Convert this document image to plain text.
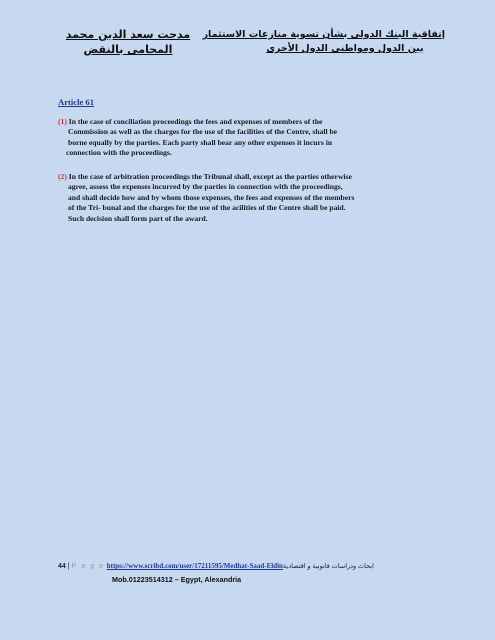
إتفاقية البنك الدولى بشأن تسوية منازعات الاستثمار
بين الدول ومواطنى الدول الأخرى
مدحت سعد الدين محمد
المحامى بالنقض
Article 61
(1) In the case of conciliation proceedings the fees and expenses of members of the
Commission as well as the charges for the use of the facilities of the Centre, shall be
borne equally by the parties. Each party shall bear any other expenses it incurs in
connection with the proceedings.
(2) In the case of arbitration proceedings the Tribunal shall, except as the parties otherwise
agree, assess the expenses incurred by the parties in connection with the proceedings,
and shall decide how and by whom those expenses, the fees and expenses of the members
of the Tri- bunal and the charges for the use of the acilities of the Centre shall be paid.
Such decision shall form part of the award.
44 | P a g e https://www.scribd.com/user/17211595/Medhat-Saad-Eldinابحاث ودراسات قانونية و اقتصادية
Mob.01223514312 – Egypt, Alexandria
